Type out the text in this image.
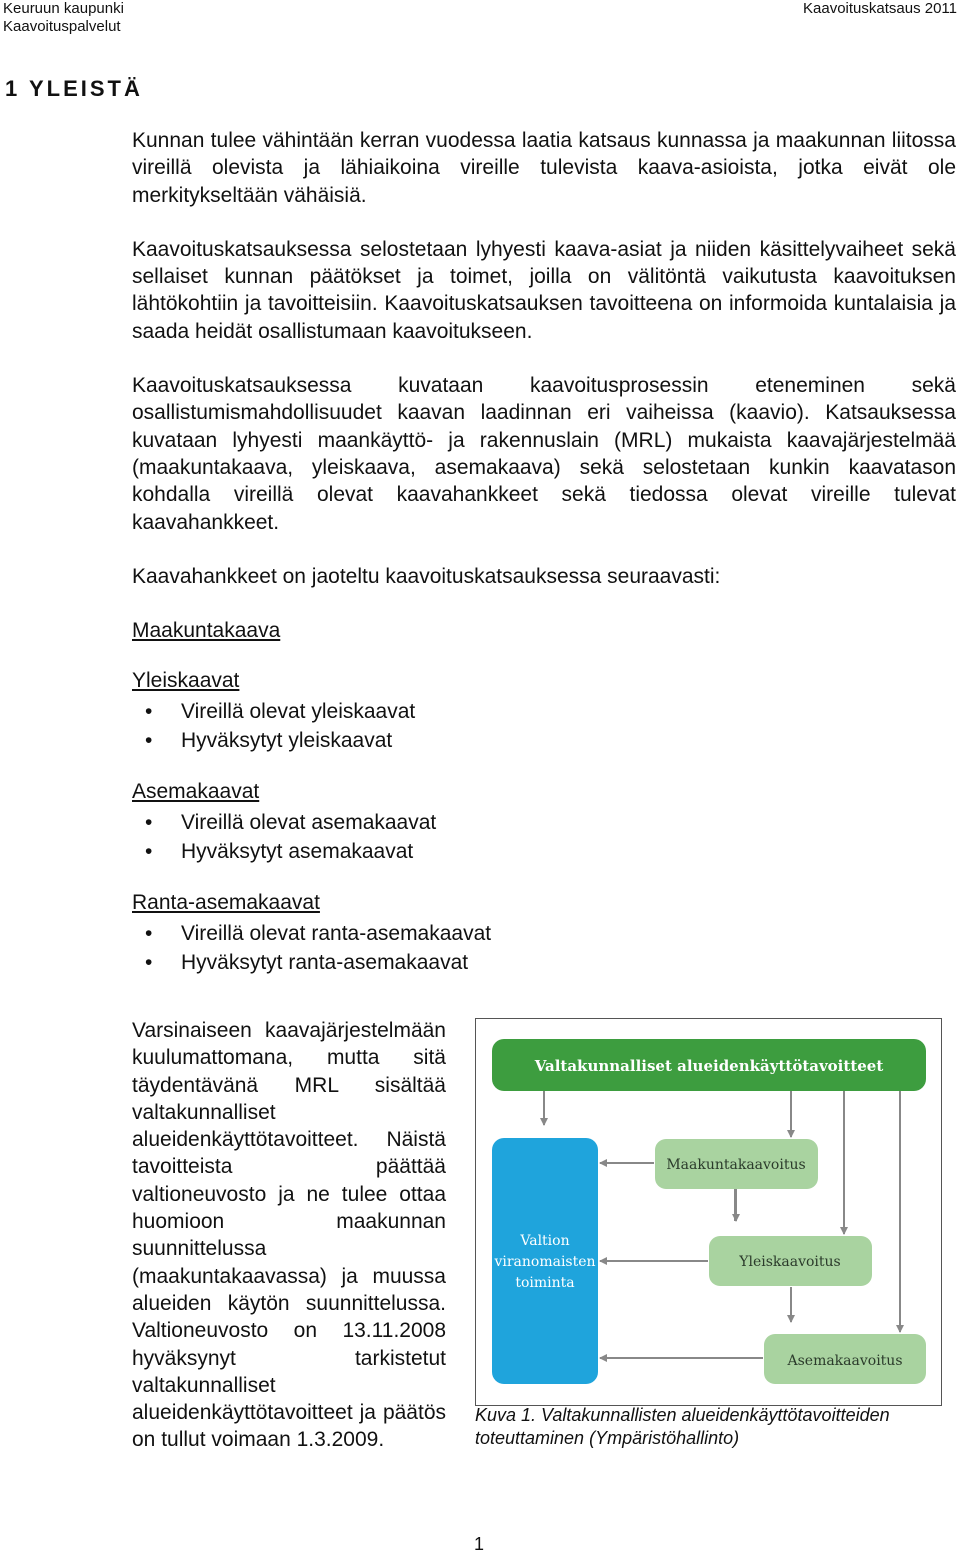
Keuruun kaupunki
Kaavoituspalvelut
Kaavoituskatsaus 2011
1 YLEISTÄ

Kunnan tulee vähintään kerran vuodessa laatia katsaus kunnassa ja maakunnan liitossa vireillä olevista ja lähiaikoina vireille tulevista kaava-asioista, jotka eivät ole merkitykseltään vähäisiä.

Kaavoituskatsauksessa selostetaan lyhyesti kaava-asiat ja niiden käsittelyvaiheet sekä sellaiset kunnan päätökset ja toimet, joilla on välitöntä vaikutusta kaavoituksen lähtökohtiin ja tavoitteisiin. Kaavoituskatsauksen tavoitteena on informoida kuntalaisia ja saada heidät osallistumaan kaavoitukseen.

Kaavoituskatsauksessa kuvataan kaavoitusprosessin eteneminen sekä osallistumismahdollisuudet kaavan laadinnan eri vaiheissa (kaavio). Katsauksessa kuvataan lyhyesti maankäyttö- ja rakennuslain (MRL) mukaista kaavajärjestelmää (maakuntakaava, yleiskaava, asemakaava) sekä selostetaan kunkin kaavatason kohdalla vireillä olevat kaavahankkeet sekä tiedossa olevat vireille tulevat kaavahankkeet.

Kaavahankkeet on jaoteltu kaavoituskatsauksessa seuraavasti:

Maakuntakaava
Yleiskaavat
• Vireillä olevat yleiskaavat
• Hyväksytyt yleiskaavat
Asemakaavat
• Vireillä olevat asemakaavat
• Hyväksytyt asemakaavat
Ranta-asemakaavat
• Vireillä olevat ranta-asemakaavat
• Hyväksytyt ranta-asemakaavat
Varsinaiseen kaavajärjestelmään kuulumattomana, mutta sitä täydentävänä MRL sisältää valtakunnalliset alueidenkäyttötavoitteet. Näistä tavoitteista päättää valtioneuvosto ja ne tulee ottaa huomioon maakunnan suunnittelussa (maakuntakaavassa) ja muussa alueiden käytön suunnittelussa. Valtioneuvosto on 13.11.2008 hyväksynyt tarkistetut valtakunnalliset alueidenkäyttötavoitteet ja päätös on tullut voimaan 1.3.2009.
Valtakunnalliset alueidenkäyttötavoitteet
Valtion
viranomaisten
toiminta
Maakuntakaavoitus
Yleiskaavoitus
Asemakaavoitus
Kuva 1. Valtakunnallisten alueidenkäyttötavoitteiden toteuttaminen (Ympäristöhallinto)
1
